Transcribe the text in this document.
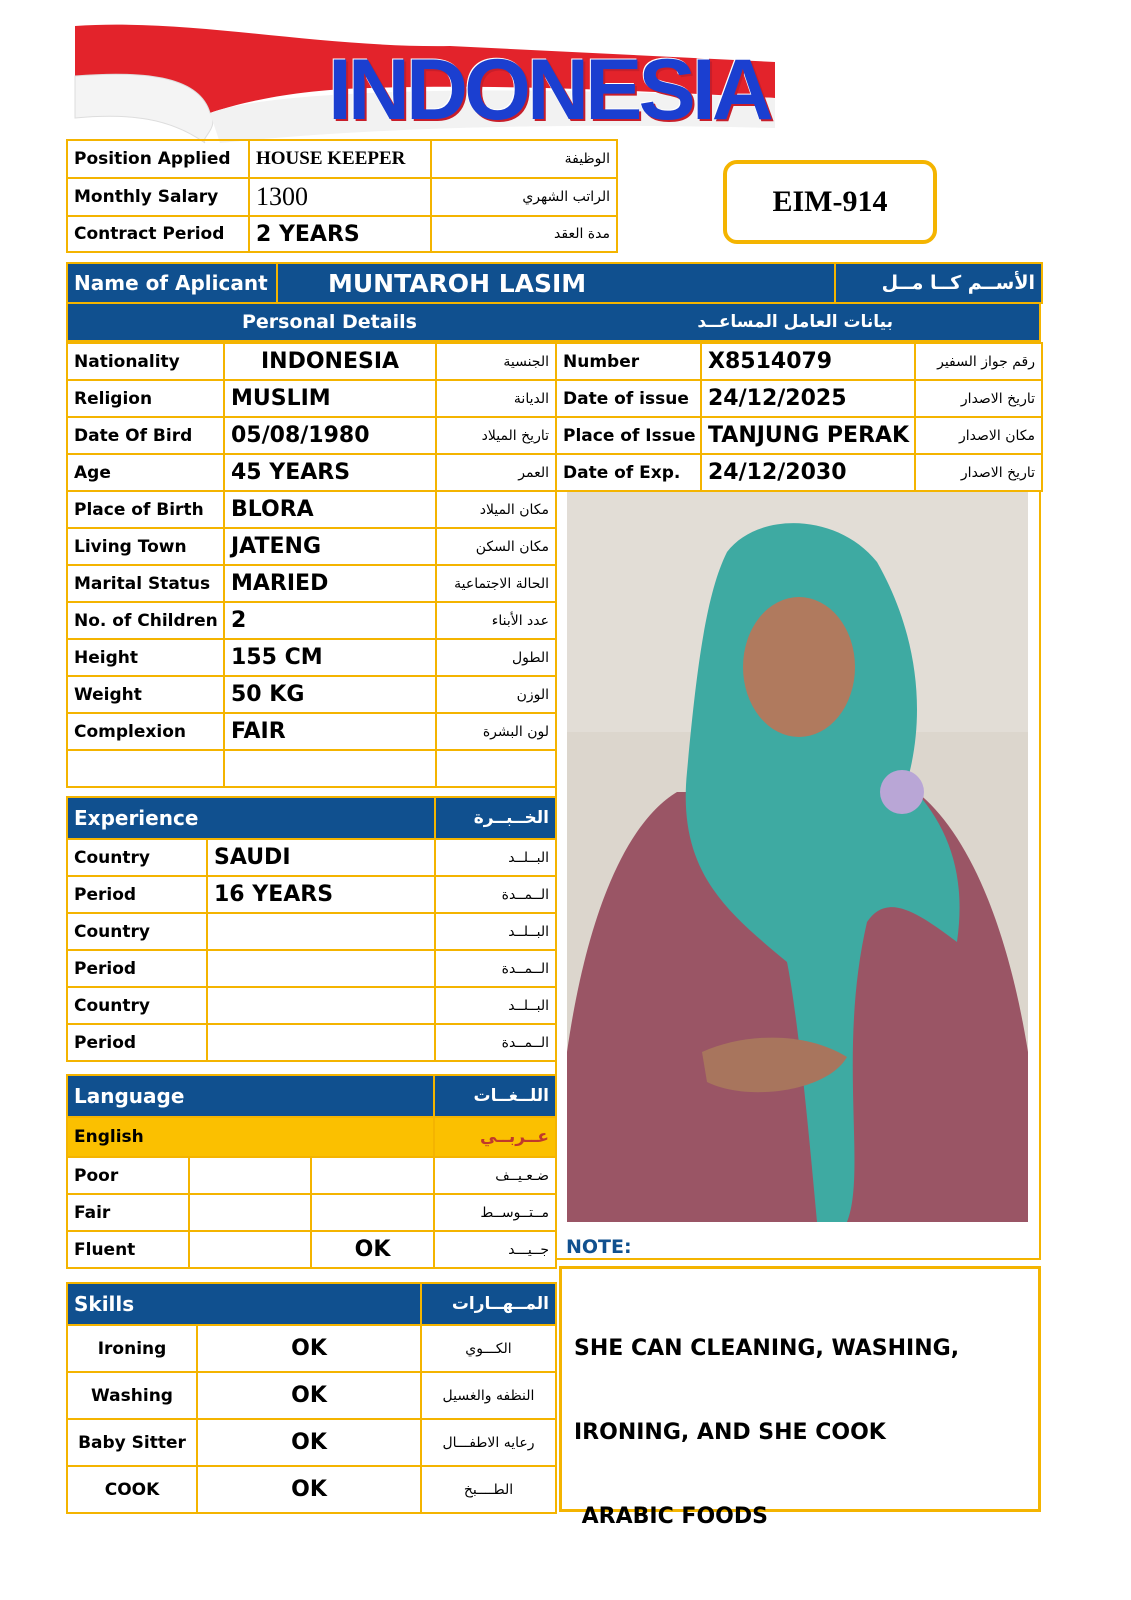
INDONESIA
Position Applied	HOUSE KEEPER	الوظيفة
Monthly Salary	1300	الراتب الشهري
Contract Period	2 YEARS	مدة العقد
EIM-914
Name of Aplicant	MUNTAROH LASIM	الأســم كــا مــل
Personal Details	بيانات العامل المساعــد
Nationality	INDONESIA	الجنسية
Religion	MUSLIM	الديانة
Date Of Bird	05/08/1980	تاريخ الميلاد
Age	45 YEARS	العمر
Place of Birth	BLORA	مكان الميلاد
Living Town	JATENG	مكان السكن
Marital Status	MARIED	الحالة الاجتماعية
No. of Children	2	عدد الأبناء
Height	155 CM	الطول
Weight	50 KG	الوزن
Complexion	FAIR	لون البشرة

Number	X8514079	رقم جواز السفير
Date of issue	24/12/2025	تاريخ الاصدار
Place of Issue	TANJUNG PERAK	مكان الاصدار
Date of Exp.	24/12/2030	تاريخ الاصدار
Experience		الخــبــرة
Country	SAUDI	البــلــد
Period	16 YEARS	الــمــدة
Country		البــلــد
Period		الــمــدة
Country		البــلــد
Period		الــمــدة
Language			اللــغــات
English			عــربــي
Poor			ضـعـيــف
Fair			مــتــوســط
Fluent		OK	جــيـــد
Skills		المــهــارات
Ironing	OK	الكـــوي
Washing	OK	النظفه والغسيل
Baby Sitter	OK	رعايه الاطفـــال
COOK	OK	الطــــبخ
NOTE:

SHE CAN CLEANING, WASHING,

IRONING, AND SHE COOK

ARABIC FOODS
